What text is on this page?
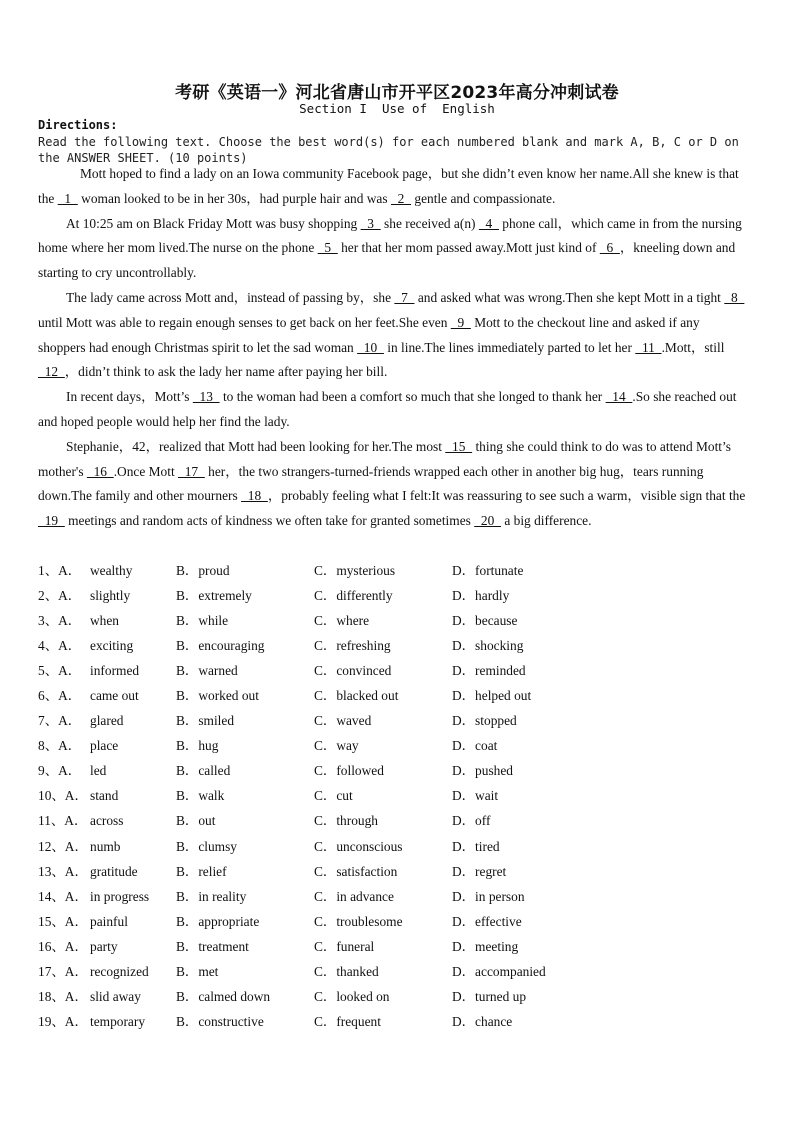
考研《英语一》河北省唐山市开平区2023年高分冲刺试卷
Section I  Use of  English
Directions:
Read the following text. Choose the best word(s) for each numbered blank and mark A, B, C or D on the ANSWER SHEET. (10 points)

Mott hoped to find a lady on an Iowa community Facebook page，but she didn’t even know her name.All she knew is that the   1   woman looked to be in her 30s，had purple hair and was   2   gentle and compassionate.

At 10:25 am on Black Friday Mott was busy shopping   3   she received a(n)   4   phone call，which came in from the nursing home where her mom lived.The nurse on the phone   5   her that her mom passed away.Mott just kind of   6  ，kneeling down and starting to cry uncontrollably.

The lady came across Mott and，instead of passing by，she   7   and asked what was wrong.Then she kept Mott in a tight   8   until Mott was able to regain enough senses to get back on her feet.She even   9   Mott to the checkout line and asked if any shoppers had enough Christmas spirit to let the sad woman   10   in line.The lines immediately parted to let her   11  .Mott，still   12  ，didn’t think to ask the lady her name after paying her bill.

In recent days，Mott’s   13   to the woman had been a comfort so much that she longed to thank her   14  .So she reached out and hoped people would help her find the lady.

Stephanie，42，realized that Mott had been looking for her.The most   15   thing she could think to do was to attend Mott’s mother's   16  .Once Mott   17   her，the two strangers-turned-friends wrapped each other in another big hug，tears running down.The family and other mourners   18  ，probably feeling what I felt:It was reassuring to see such a warm，visible sign that the   19   meetings and random acts of kindness we often take for granted sometimes   20   a big difference.

1、A． wealthy	B．proud	C．mysterious	D．fortunate
2、A． slightly	B．extremely	C．differently	D．hardly
3、A． when	B．while	C．where	D．because
4、A． exciting	B．encouraging	C．refreshing	D．shocking
5、A． informed	B．warned	C．convinced	D．reminded
6、A． came out	B．worked out	C．blacked out	D．helped out
7、A． glared	B．smiled	C．waved	D．stopped
8、A． place	B．hug	C．way	D．coat
9、A． led	B．called	C．followed	D．pushed
10、A． stand	B．walk	C．cut	D．wait
11、A． across	B．out	C．through	D．off
12、A． numb	B．clumsy	C．unconscious	D．tired
13、A． gratitude	B．relief	C．satisfaction	D．regret
14、A． in progress B．in reality	C．in advance	D．in person
15、A． painful	B．appropriate	C．troublesome	D．effective
16、A． party	B．treatment	C．funeral	D．meeting
17、A． recognized B．met	C．thanked	D．accompanied
18、A． slid away	B．calmed down	C．looked on	D．turned up
19、A． temporary B．constructive	C．frequent	D．chance
